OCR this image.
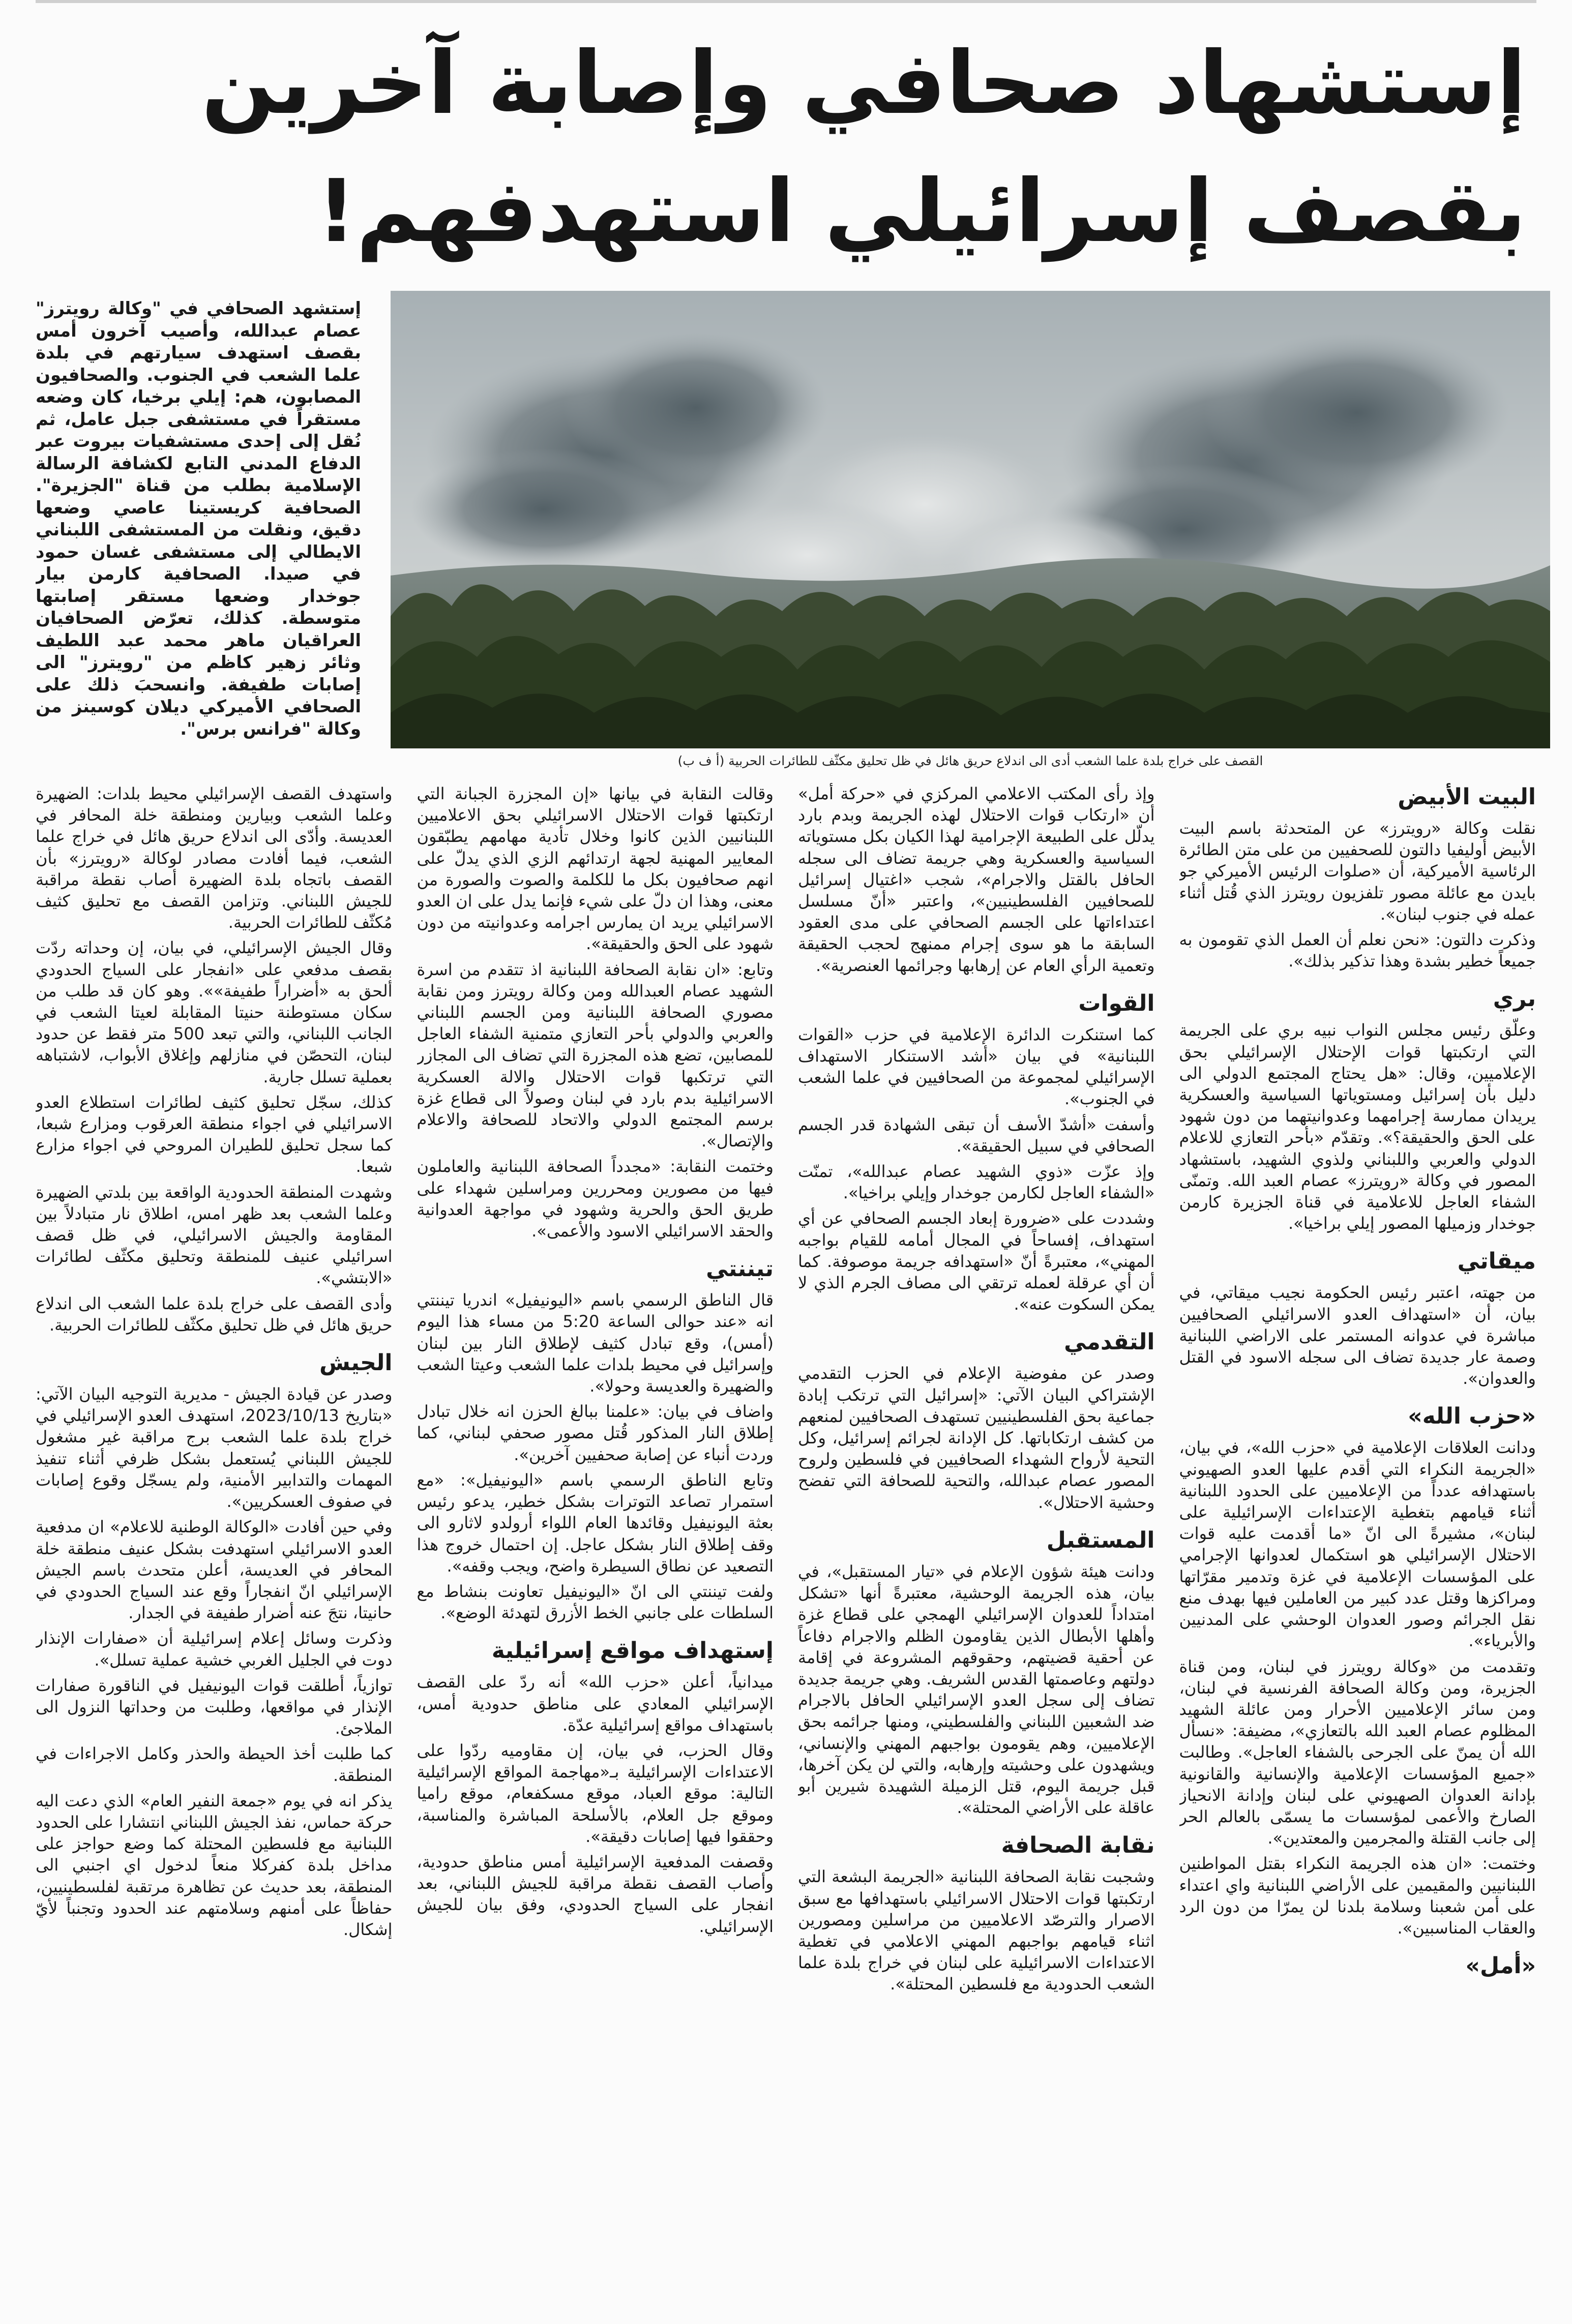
إستشهاد صحافي وإصابة آخرين بقصف إسرائيلي استهدفهم!
إستشهد الصحافي في "وكالة رويترز" عصام عبدالله، وأصيب آخرون أمس بقصف استهدف سيارتهم في بلدة علما الشعب في الجنوب. والصحافيون المصابون، هم: إيلي برخيا، كان وضعه مستقراً في مستشفى جبل عامل، ثم نُقل إلى إحدى مستشفيات بيروت عبر الدفاع المدني التابع لكشافة الرسالة الإسلامية بطلب من قناة "الجزيرة". الصحافية كريستينا عاصي وضعها دقيق، ونقلت من المستشفى اللبناني الايطالي إلى مستشفى غسان حمود في صيدا. الصحافية كارمن بيار جوخدار وضعها مستقر إصابتها متوسطة. كذلك، تعرّض الصحافيان العراقيان ماهر محمد عبد اللطيف وثائر زهير كاظم من "رويترز" الى إصابات طفيفة. وانسحبَ ذلك على الصحافي الأميركي ديلان كوسينز من وكالة "فرانس برس".
القصف على خراج بلدة علما الشعب أدى الى اندلاع حريق هائل في ظل تحليق مكثّف للطائرات الحربية (أ ف ب)
البيت الأبيض

نقلت وكالة «رويترز» عن المتحدثة باسم البيت الأبيض أوليفيا دالتون للصحفيين من على متن الطائرة الرئاسية الأميركية، أن «صلوات الرئيس الأميركي جو بايدن مع عائلة مصور تلفزيون رويترز الذي قُتل أثناء عمله في جنوب لبنان».

وذكرت دالتون: «نحن نعلم أن العمل الذي تقومون به جميعاً خطير بشدة وهذا تذكير بذلك».

بري

وعلّق رئيس مجلس النواب نبيه بري على الجريمة التي ارتكبتها قوات الإحتلال الإسرائيلي بحق الإعلاميين، وقال: «هل يحتاج المجتمع الدولي الى دليل بأن إسرائيل ومستوياتها السياسية والعسكرية يريدان ممارسة إجرامهما وعدوانيتهما من دون شهود على الحق والحقيقة؟». وتقدّم «بأحر التعازي للاعلام الدولي والعربي واللبناني ولذوي الشهيد، باستشهاد المصور في وكالة «رويترز» عصام العبد الله. وتمنّى الشفاء العاجل للاعلامية في قناة الجزيرة كارمن جوخدار وزميلها المصور إيلي براخيا».

ميقاتي

من جهته، اعتبر رئيس الحكومة نجيب ميقاتي، في بيان، أن «استهداف العدو الاسرائيلي الصحافيين مباشرة في عدوانه المستمر على الاراضي اللبنانية وصمة عار جديدة تضاف الى سجله الاسود في القتل والعدوان».

«حزب الله»

ودانت العلاقات الإعلامية في «حزب الله»، في بيان، «الجريمة النكراء التي أقدم عليها العدو الصهيوني باستهدافه عدداً من الإعلاميين على الحدود اللبنانية أثناء قيامهم بتغطية الإعتداءات الإسرائيلية على لبنان»، مشيرةً الى انّ «ما أقدمت عليه قوات الاحتلال الإسرائيلي هو استكمال لعدوانها الإجرامي على المؤسسات الإعلامية في غزة وتدمير مقرّاتها ومراكزها وقتل عدد كبير من العاملين فيها بهدف منع نقل الجرائم وصور العدوان الوحشي على المدنيين والأبرياء».

وتقدمت من «وكالة رويترز في لبنان، ومن قناة الجزيرة، ومن وكالة الصحافة الفرنسية في لبنان، ومن سائر الإعلاميين الأحرار ومن عائلة الشهيد المظلوم عصام العبد الله بالتعازي»، مضيفة: «نسأل الله أن يمنّ على الجرحى بالشفاء العاجل». وطالبت «جميع المؤسسات الإعلامية والإنسانية والقانونية بإدانة العدوان الصهيوني على لبنان وإدانة الانحياز الصارخ والأعمى لمؤسسات ما يسمّى بالعالم الحر إلى جانب القتلة والمجرمين والمعتدين».

وختمت: «ان هذه الجريمة النكراء بقتل المواطنين اللبنانيين والمقيمين على الأراضي اللبنانية واي اعتداء على أمن شعبنا وسلامة بلدنا لن يمرّا من دون الرد والعقاب المناسبين».

«أمل»

وإذ رأى المكتب الاعلامي المركزي في «حركة أمل» أن «ارتكاب قوات الاحتلال لهذه الجريمة وبدم بارد يدلّل على الطبيعة الإجرامية لهذا الكيان بكل مستوياته السياسية والعسكرية وهي جريمة تضاف الى سجله الحافل بالقتل والاجرام»، شجب «اغتيال إسرائيل للصحافيين الفلسطينيين»، واعتبر «أنّ مسلسل اعتداءاتها على الجسم الصحافي على مدى العقود السابقة ما هو سوى إجرام ممنهج لحجب الحقيقة وتعمية الرأي العام عن إرهابها وجرائمها العنصرية».

القوات

كما استنكرت الدائرة الإعلامية في حزب «القوات اللبنانية» في بيان «أشد الاستنكار الاستهداف الإسرائيلي لمجموعة من الصحافيين في علما الشعب في الجنوب».

وأسفت «أشدّ الأسف أن تبقى الشهادة قدر الجسم الصحافي في سبيل الحقيقة».

وإذ عزّت «ذوي الشهيد عصام عبدالله»، تمنّت «الشفاء العاجل لكارمن جوخدار وإيلي براخيا».

وشددت على «ضرورة إبعاد الجسم الصحافي عن أي استهداف، إفساحاً في المجال أمامه للقيام بواجبه المهني»، معتبرةً أنّ «استهدافه جريمة موصوفة. كما أن أي عرقلة لعمله ترتقي الى مصاف الجرم الذي لا يمكن السكوت عنه».

التقدمي

وصدر عن مفوضية الإعلام في الحزب التقدمي الإشتراكي البيان الآتي: «إسرائيل التي ترتكب إبادة جماعية بحق الفلسطينيين تستهدف الصحافيين لمنعهم من كشف ارتكاباتها. كل الإدانة لجرائم إسرائيل، وكل التحية لأرواح الشهداء الصحافيين في فلسطين ولروح المصور عصام عبدالله، والتحية للصحافة التي تفضح وحشية الاحتلال».

المستقبل

ودانت هيئة شؤون الإعلام في «تيار المستقبل»، في بيان، هذه الجريمة الوحشية، معتبرةً أنها «تشكل امتداداً للعدوان الإسرائيلي الهمجي على قطاع غزة وأهلها الأبطال الذين يقاومون الظلم والاجرام دفاعاً عن أحقية قضيتهم، وحقوقهم المشروعة في إقامة دولتهم وعاصمتها القدس الشريف. وهي جريمة جديدة تضاف إلى سجل العدو الإسرائيلي الحافل بالاجرام ضد الشعبين اللبناني والفلسطيني، ومنها جرائمه بحق الإعلاميين، وهم يقومون بواجبهم المهني والإنساني، ويشهدون على وحشيته وإرهابه، والتي لن يكن آخرها، قبل جريمة اليوم، قتل الزميلة الشهيدة شيرين أبو عاقلة على الأراضي المحتلة».

نقابة الصحافة

وشجبت نقابة الصحافة اللبنانية «الجريمة البشعة التي ارتكبتها قوات الاحتلال الاسرائيلي باستهدافها مع سبق الاصرار والترصّد الاعلاميين من مراسلين ومصورين اثناء قيامهم بواجبهم المهني الاعلامي في تغطية الاعتداءات الاسرائيلية على لبنان في خراج بلدة علما الشعب الحدودية مع فلسطين المحتلة».

وقالت النقابة في بيانها «إن المجزرة الجبانة التي ارتكبتها قوات الاحتلال الاسرائيلي بحق الاعلاميين اللبنانيين الذين كانوا وخلال تأدية مهامهم يطبّقون المعايير المهنية لجهة ارتدائهم الزي الذي يدلّ على انهم صحافيون بكل ما للكلمة والصوت والصورة من معنى، وهذا ان دلّ على شيء فإنما يدل على ان العدو الاسرائيلي يريد ان يمارس اجرامه وعدوانيته من دون شهود على الحق والحقيقة».

وتابع: «ان نقابة الصحافة اللبنانية اذ تتقدم من اسرة الشهيد عصام العبدالله ومن وكالة رويترز ومن نقابة مصوري الصحافة اللبنانية ومن الجسم اللبناني والعربي والدولي بأحر التعازي متمنية الشفاء العاجل للمصابين، تضع هذه المجزرة التي تضاف الى المجازر التي ترتكبها قوات الاحتلال والالة العسكرية الاسرائيلية بدم بارد في لبنان وصولاً الى قطاع غزة برسم المجتمع الدولي والاتحاد للصحافة والاعلام والإتصال».

وختمت النقابة: «مجدداً الصحافة اللبنانية والعاملون فيها من مصورين ومحررين ومراسلين شهداء على طريق الحق والحرية وشهود في مواجهة العدوانية والحقد الاسرائيلي الاسود والأعمى».

تيننتي

قال الناطق الرسمي باسم «اليونيفيل» اندريا تيننتي انه «عند حوالى الساعة 5:20 من مساء هذا اليوم (أمس)، وقع تبادل كثيف لإطلاق النار بين لبنان وإسرائيل في محيط بلدات علما الشعب وعيتا الشعب والضهيرة والعديسة وحولا».

واضاف في بيان: «علمنا ببالغ الحزن انه خلال تبادل إطلاق النار المذكور قُتل مصور صحفي لبناني، كما وردت أنباء عن إصابة صحفيين آخرين».

وتابع الناطق الرسمي باسم «اليونيفيل»: «مع استمرار تصاعد التوترات بشكل خطير، يدعو رئيس بعثة اليونيفيل وقائدها العام اللواء أرولدو لاثارو الى وقف إطلاق النار بشكل عاجل. إن احتمال خروج هذا التصعيد عن نطاق السيطرة واضح، ويجب وقفه».

ولفت تيننتي الى انّ «اليونيفيل تعاونت بنشاط مع السلطات على جانبي الخط الأزرق لتهدئة الوضع».

إستهداف مواقع إسرائيلية

ميدانياً، أعلن «حزب الله» أنه ردّ على القصف الإسرائيلي المعادي على مناطق حدودية أمس، باستهداف مواقع إسرائيلية عدّة.

وقال الحزب، في بيان، إن مقاوميه ردّوا على الاعتداءات الإسرائيلية بـ«مهاجمة المواقع الإسرائيلية التالية: موقع العباد، موقع مسكفعام، موقع راميا وموقع جل العلام، بالأسلحة المباشرة والمناسبة، وحققوا فيها إصابات دقيقة».

وقصفت المدفعية الإسرائيلية أمس مناطق حدودية، وأصاب القصف نقطة مراقبة للجيش اللبناني، بعد انفجار على السياج الحدودي، وفق بيان للجيش الإسرائيلي.

واستهدف القصف الإسرائيلي محيط بلدات: الضهيرة وعلما الشعب وبيارين ومنطقة خلة المحافر في العديسة. وأدّى الى اندلاع حريق هائل في خراج علما الشعب، فيما أفادت مصادر لوكالة «رويترز» بأن القصف باتجاه بلدة الضهيرة أصاب نقطة مراقبة للجيش اللبناني. وتزامن القصف مع تحليق كثيف مُكثّف للطائرات الحربية.

وقال الجيش الإسرائيلي، في بيان، إن وحداته ردّت بقصف مدفعي على «انفجار على السياج الحدودي ألحق به «أضراراً طفيفة»». وهو كان قد طلب من سكان مستوطنة حنيتا المقابلة لعيتا الشعب في الجانب اللبناني، والتي تبعد 500 متر فقط عن حدود لبنان، التحصّن في منازلهم وإغلاق الأبواب، لاشتباهه بعملية تسلل جارية.

كذلك، سجّل تحليق كثيف لطائرات استطلاع العدو الاسرائيلي في اجواء منطقة العرقوب ومزارع شبعا، كما سجل تحليق للطيران المروحي في اجواء مزارع شبعا.

وشهدت المنطقة الحدودية الواقعة بين بلدتي الضهيرة وعلما الشعب بعد ظهر امس، اطلاق نار متبادلاً بين المقاومة والجيش الاسرائيلي، في ظل قصف اسرائيلي عنيف للمنطقة وتحليق مكثّف لطائرات «الابتشي».

وأدى القصف على خراج بلدة علما الشعب الى اندلاع حريق هائل في ظل تحليق مكثّف للطائرات الحربية.

الجيش

وصدر عن قيادة الجيش - مديرية التوجيه البيان الآتي: «بتاريخ 2023/10/13، استهدف العدو الإسرائيلي في خراج بلدة علما الشعب برج مراقبة غير مشغول للجيش اللبناني يُستعمل بشكل ظرفي أثناء تنفيذ المهمات والتدابير الأمنية، ولم يسجّل وقوع إصابات في صفوف العسكريين».

وفي حين أفادت «الوكالة الوطنية للاعلام» ان مدفعية العدو الاسرائيلي استهدفت بشكل عنيف منطقة خلة المحافر في العديسة، أعلن متحدث باسم الجيش الإسرائيلي انّ انفجاراً وقع عند السياج الحدودي في حانيتا، نتجَ عنه أضرار طفيفة في الجدار.

وذكرت وسائل إعلام إسرائيلية أن «صفارات الإنذار دوت في الجليل الغربي خشية عملية تسلل».

توازياً، أطلقت قوات اليونيفيل في الناقورة صفارات الإنذار في مواقعها، وطلبت من وحداتها النزول الى الملاجئ.

كما طلبت أخذ الحيطة والحذر وكامل الاجراءات في المنطقة.

يذكر انه في يوم «جمعة النفير العام» الذي دعت اليه حركة حماس، نفذ الجيش اللبناني انتشارا على الحدود اللبنانية مع فلسطين المحتلة كما وضع حواجز على مداخل بلدة كفركلا منعاً لدخول اي اجنبي الى المنطقة، بعد حديث عن تظاهرة مرتقبة لفلسطينيين، حفاظاً على أمنهم وسلامتهم عند الحدود وتجنباً لأيّ إشكال.
